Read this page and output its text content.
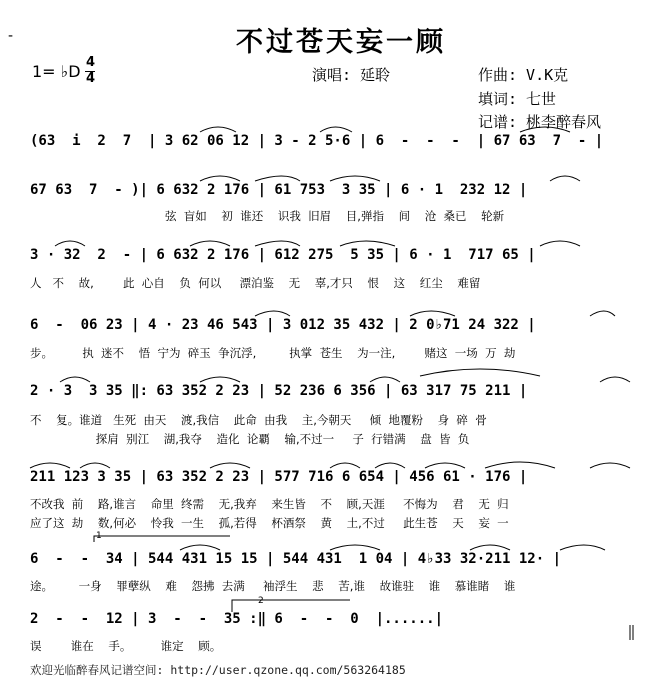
-	不过苍天妄一顾
1= ♭D 4
4	演唱: 延聆	作曲: V.K克
填词: 七世
记谱: 桃李醉春风
(63  i  2  7  | 3 62 06 12 | 3 - 2 5·6 | 6  -  -  -  | 67 63  7  - |
67 63  7  - )| 6 632 2 176 | 61 753  3 35 | 6 · 1  232 12 |
弦  盲如    初  谁还    识我  旧眉    目,弹指    间    沧  桑已    轮新
3 · 32  2  - | 6 632 2 176 | 612 275  5 35 | 6 · 1  717 65 |
人   不    故,        此  心自    负  何以     漂泊鉴    无    辜,才只    恨    这    红尘    难留
6  -  06 23 | 4 · 23 46 543 | 3 012 35 432 | 2 0♭71 24 322 |
步。        执  迷不    悟  宁为  碎玉  争沉浮,         执掌  苍生    为一注,        赌这  一场  万  劫
2 · 3  3 35 ‖: 63 352 2 23 | 52 236 6 356 | 63 317 75 211 |
不    复。谁道   生死  由天    渡,我信    此命  由我    主,今朝天     倾  地覆粉    身  碎  骨
探肩  别江    湖,我夺    造化  论覇    输,不过一     子  行错满    盘  皆  负
211 123 3 35 | 63 352 2 23 | 577 716 6 654 | 456 61 · 176 |
不改我  前    路,谁言    命里  终需    无,我弃    来生皆    不    顾,天涯     不悔为    君    无  归
应了这  劫    数,何必    怜我  一生    孤,若得    杯酒祭    黄    土,不过     此生苍    天    妄  一
6  -  -  34 | 544 431 15 15 | 544 431  1 04 | 4♭33 32·211 12· |
途。       一身    罪孽纵    难    怨拂  去满     袖浮生    悲    苦,谁    故谁驻    谁    慕谁睹    谁
2  -  -  12 | 3  -  -  35 :‖ 6  -  -  0  |......|
误        谁在    手。        谁定    顾。
1
2
欢迎光临醉春风记谱空间: http://user.qzone.qq.com/563264185
